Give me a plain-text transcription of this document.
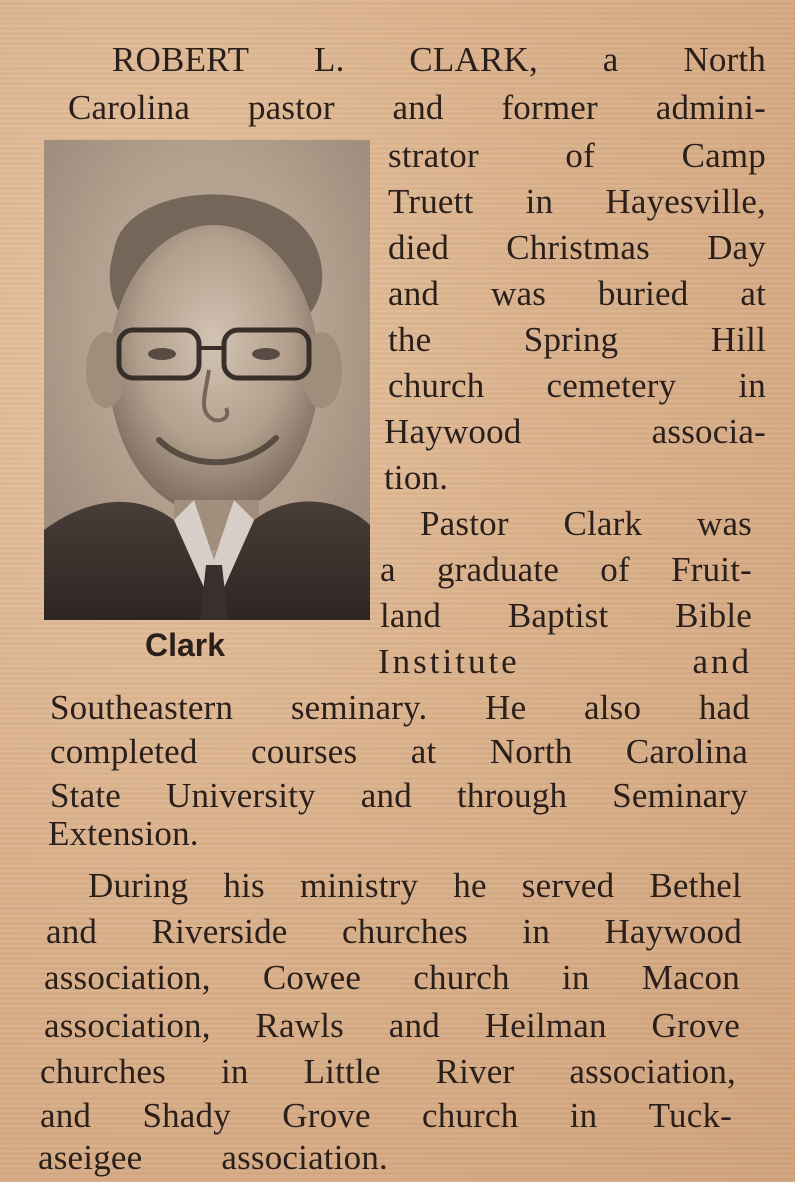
Clark
ROBERT L. CLARK, a North
Carolina pastor and former admini-
strator of Camp
Truett in Hayesville,
died Christmas Day
and was buried at
the	Spring	Hill
church cemetery in
Haywood	associa-
tion.
Pastor Clark was
a graduate of Fruit-
land Baptist Bible
Institute	and
Southeastern seminary. He also had
completed courses at North Carolina
State University and through Seminary
Extension.
During his ministry he served Bethel
and Riverside churches in Haywood
association, Cowee church in Macon
association, Rawls and Heilman Grove
churches in Little River association,
and Shady Grove church in Tuck-
aseigee association.
